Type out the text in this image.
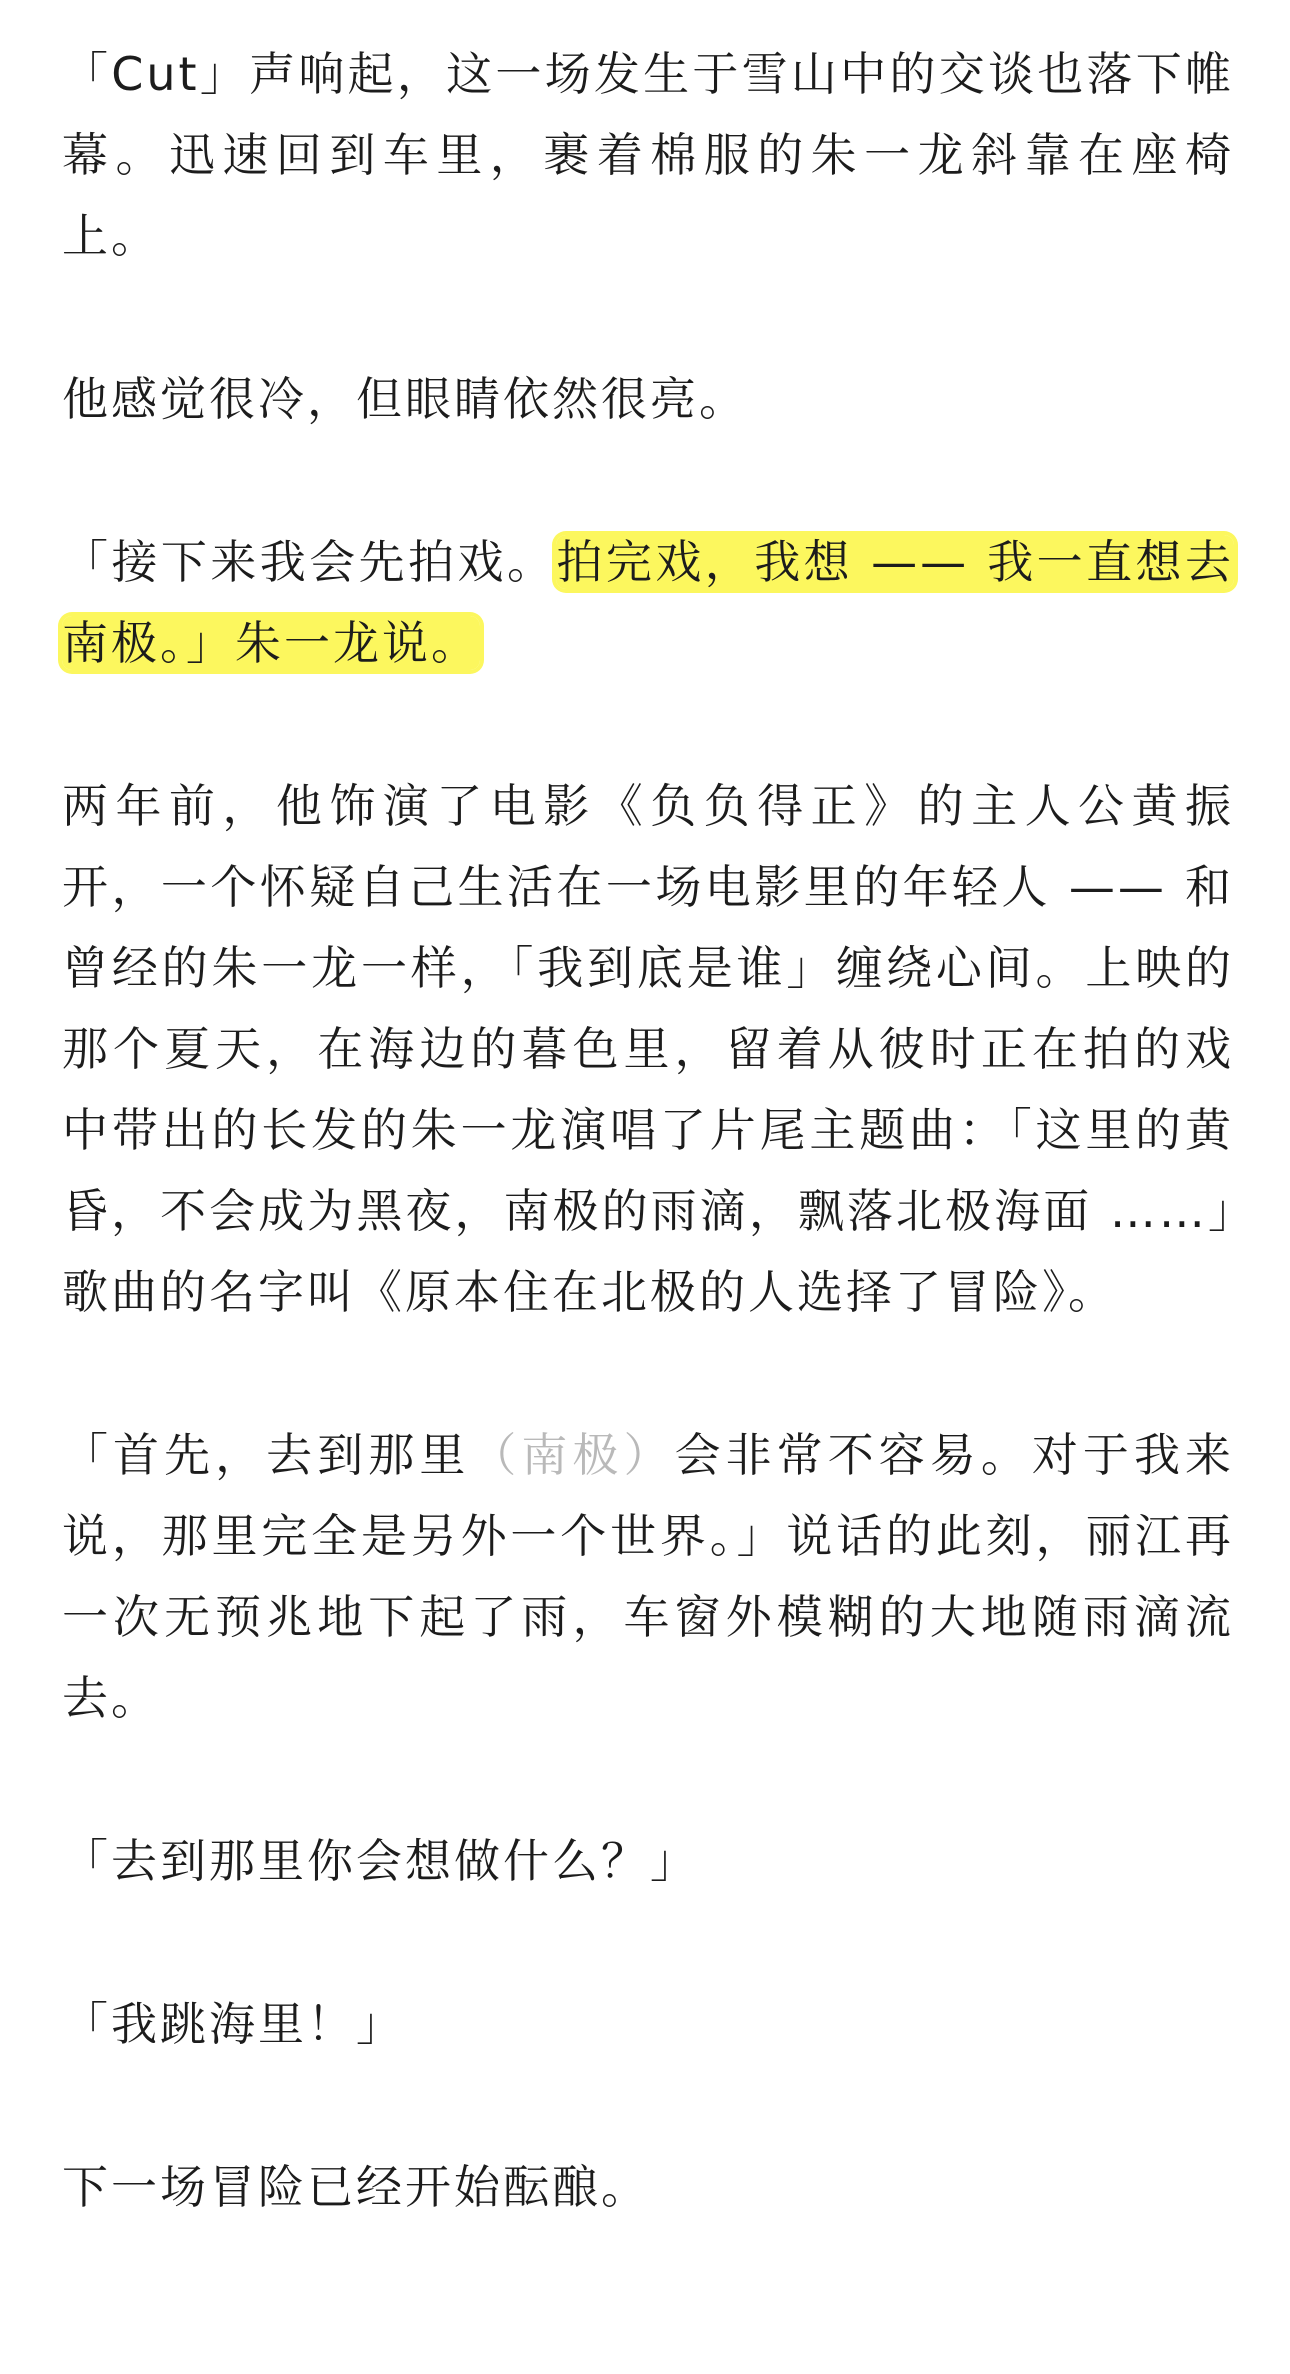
「Cut」声响起，这一场发生于雪山中的交谈也落下帷幕。迅速回到车里，裹着棉服的朱一龙斜靠在座椅上。

他感觉很冷，但眼睛依然很亮。

「接下来我会先拍戏。拍完戏，我想 —— 我一直想去南极。」朱一龙说。

两年前，他饰演了电影《负负得正》的主人公黄振开，一个怀疑自己生活在一场电影里的年轻人 —— 和曾经的朱一龙一样，「我到底是谁」缠绕心间。上映的那个夏天，在海边的暮色里，留着从彼时正在拍的戏中带出的长发的朱一龙演唱了片尾主题曲：「这里的黄昏，不会成为黑夜，南极的雨滴，飘落北极海面 ……」歌曲的名字叫《原本住在北极的人选择了冒险》。

「首先，去到那里（南极）会非常不容易。对于我来说，那里完全是另外一个世界。」说话的此刻，丽江再一次无预兆地下起了雨，车窗外模糊的大地随雨滴流去。

「去到那里你会想做什么？」

「我跳海里！」

下一场冒险已经开始酝酿。
